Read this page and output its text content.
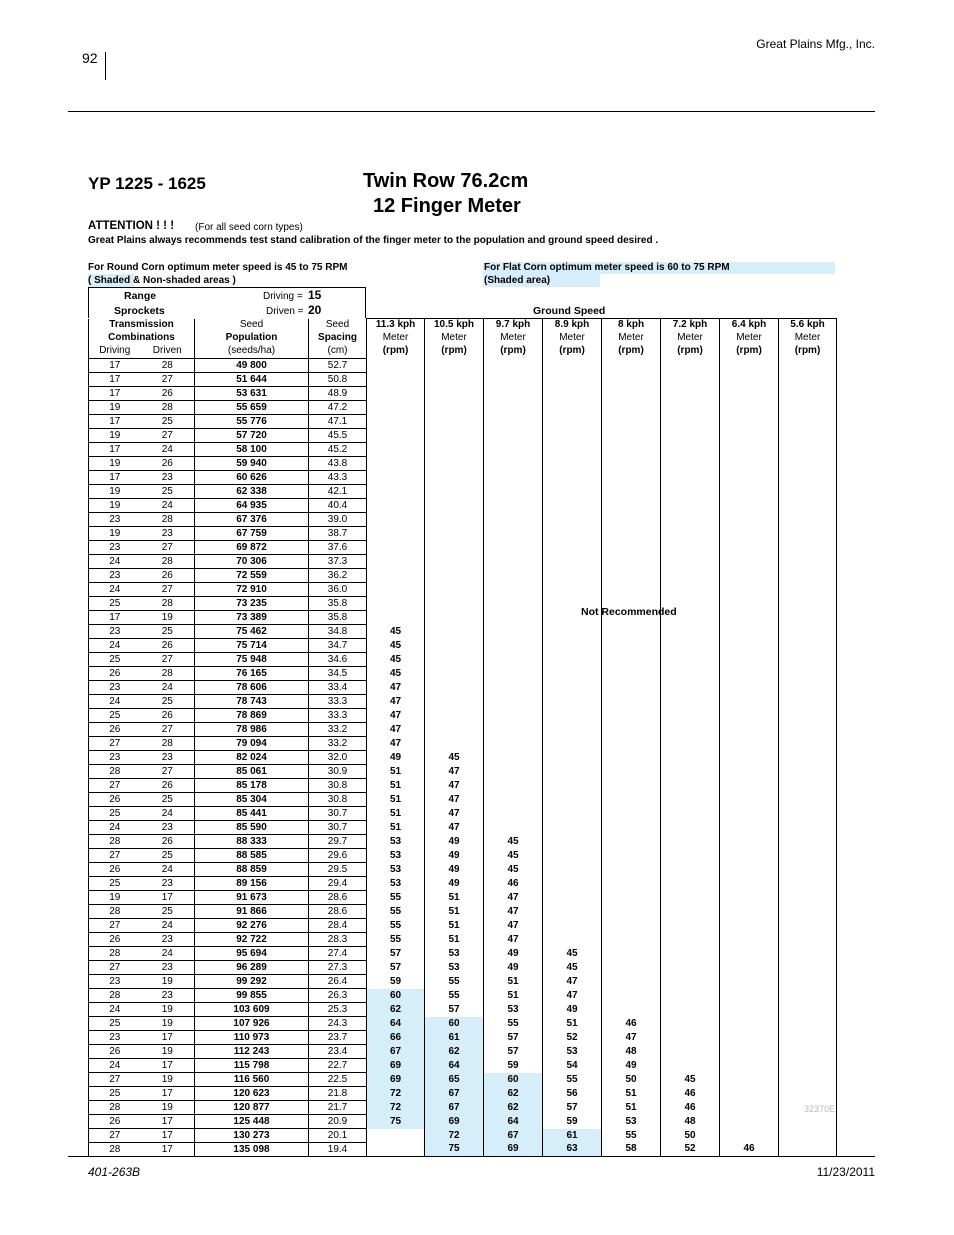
92
Great Plains Mfg., Inc.
YP 1225 - 1625	Twin Row 76.2cm
12 Finger Meter
ATTENTION ! ! ! (For all seed corn types)
Great Plains always recommends test stand calibration of the finger meter to the population and ground speed desired .
For Round Corn optimum meter speed is 45 to 75 RPM
( Shaded & Non-shaded areas )
For Flat Corn optimum meter speed is 60 to 75 RPM
(Shaded area)
Range
Sprockets
Driving = 15
Driven = 20	Ground Speed
Transmission		Seed	Seed	11.3 kph	10.5 kph	9.7 kph	8.9 kph	8 kph	7.2 kph	6.4 kph	5.6 kph
Combinations		Population	Spacing	Meter	Meter	Meter	Meter	Meter	Meter	Meter	Meter
Driving	Driven	(seeds/ha)	(cm)	(rpm)	(rpm)	(rpm)	(rpm)	(rpm)	(rpm)	(rpm)	(rpm)
17	28	49 800	52.7								
17	27	51 644	50.8								
17	26	53 631	48.9								
19	28	55 659	47.2								
17	25	55 776	47.1								
19	27	57 720	45.5								
17	24	58 100	45.2								
19	26	59 940	43.8								
17	23	60 626	43.3								
19	25	62 338	42.1								
19	24	64 935	40.4								
23	28	67 376	39.0								
19	23	67 759	38.7								
23	27	69 872	37.6								
24	28	70 306	37.3								
23	26	72 559	36.2								
24	27	72 910	36.0								
25	28	73 235	35.8								
17	19	73 389	35.8								
23	25	75 462	34.8	45							
24	26	75 714	34.7	45							
25	27	75 948	34.6	45							
26	28	76 165	34.5	45							
23	24	78 606	33.4	47							
24	25	78 743	33.3	47							
25	26	78 869	33.3	47							
26	27	78 986	33.2	47							
27	28	79 094	33.2	47							
23	23	82 024	32.0	49	45						
28	27	85 061	30.9	51	47						
27	26	85 178	30.8	51	47						
26	25	85 304	30.8	51	47						
25	24	85 441	30.7	51	47						
24	23	85 590	30.7	51	47						
28	26	88 333	29.7	53	49	45					
27	25	88 585	29.6	53	49	45					
26	24	88 859	29.5	53	49	45					
25	23	89 156	29.4	53	49	46					
19	17	91 673	28.6	55	51	47					
28	25	91 866	28.6	55	51	47					
27	24	92 276	28.4	55	51	47					
26	23	92 722	28.3	55	51	47					
28	24	95 694	27.4	57	53	49	45				
27	23	96 289	27.3	57	53	49	45				
23	19	99 292	26.4	59	55	51	47				
28	23	99 855	26.3	60	55	51	47				
24	19	103 609	25.3	62	57	53	49				
25	19	107 926	24.3	64	60	55	51	46			
23	17	110 973	23.7	66	61	57	52	47			
26	19	112 243	23.4	67	62	57	53	48			
24	17	115 798	22.7	69	64	59	54	49			
27	19	116 560	22.5	69	65	60	55	50	45		
25	17	120 623	21.8	72	67	62	56	51	46		
28	19	120 877	21.7	72	67	62	57	51	46		
26	17	125 448	20.9	75	69	64	59	53	48		
27	17	130 273	20.1		72	67	61	55	50		
28	17	135 098	19.4		75	69	63	58	52	46	
Not Recommended
32370E
401-263B	11/23/2011
